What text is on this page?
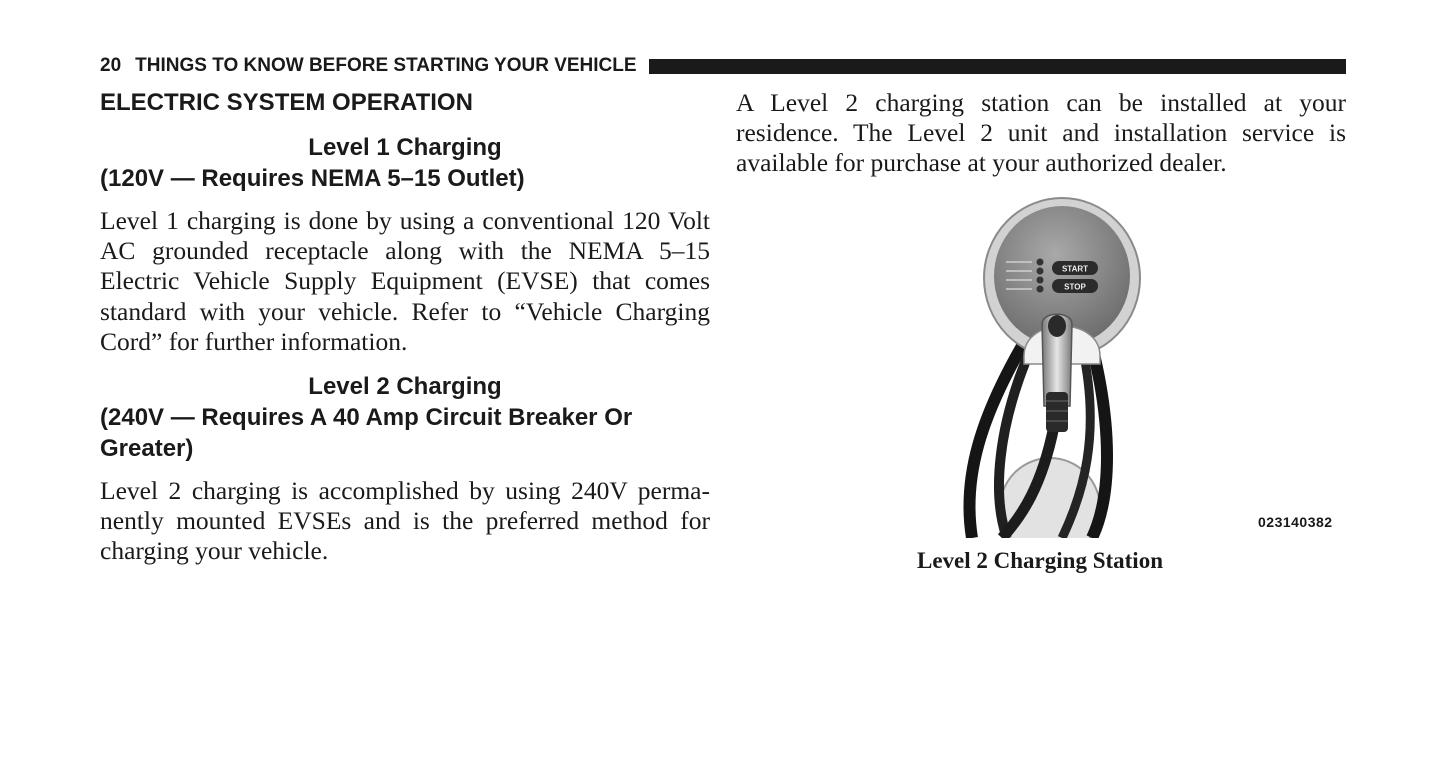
20 THINGS TO KNOW BEFORE STARTING YOUR VEHICLE
ELECTRIC SYSTEM OPERATION
Level 1 Charging
(120V — Requires NEMA 5–15 Outlet)

Level 1 charging is done by using a conventional 120 Volt AC grounded receptacle along with the NEMA 5–15 Electric Vehicle Supply Equipment (EVSE) that comes standard with your vehicle. Refer to “Vehicle Charging Cord” for further information.

Level 2 Charging
(240V — Requires A 40 Amp Circuit Breaker Or Greater)

Level 2 charging is accomplished by using 240V perma- nently mounted EVSEs and is the preferred method for charging your vehicle.

A Level 2 charging station can be installed at your residence. The Level 2 unit and installation service is available for purchase at your authorized dealer.

START
STOP
023140382
Level 2 Charging Station
